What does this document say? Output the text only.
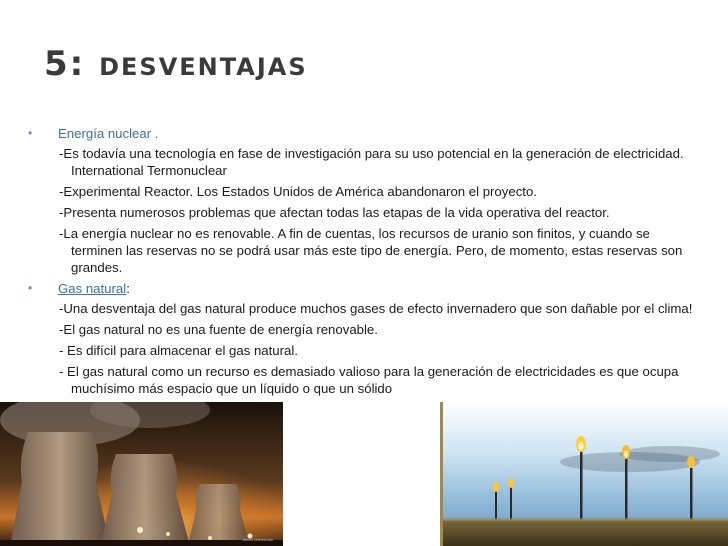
Albert Lieberman
5: desventajas
• Energía nuclear .

-Es todavía una tecnología en fase de investigación para su uso potencial en la generación de electricidad. International Termonuclear

-Experimental Reactor. Los Estados Unidos de América abandonaron el proyecto.

-Presenta numerosos problemas que afectan todas las etapas de la vida operativa del reactor.

-La energía nuclear no es renovable. A fin de cuentas, los recursos de uranio son finitos, y cuando se terminen las reservas no se podrá usar más este tipo de energía. Pero, de momento, estas reservas son grandes.

• Gas natural:

-Una desventaja del gas natural produce muchos gases de efecto invernadero que son dañable por el clima!

-El gas natural no es una fuente de energía renovable.

- Es difícil para almacenar el gas natural.

- El gas natural como un recurso es demasiado valioso para la generación de electricidades es que ocupa muchísimo más espacio que un líquido o que un sólido
